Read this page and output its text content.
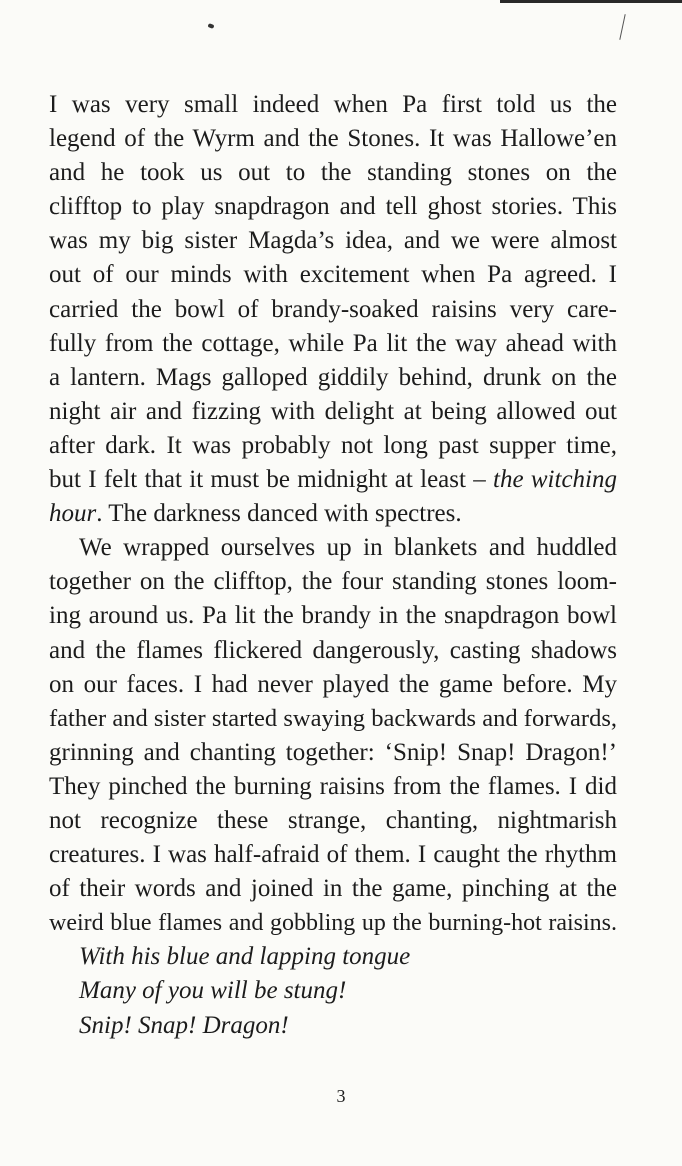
I was very small indeed when Pa first told us the
legend of the Wyrm and the Stones. It was Hallowe’en
and he took us out to the standing stones on the
clifftop to play snapdragon and tell ghost stories. This
was my big sister Magda’s idea, and we were almost
out of our minds with excitement when Pa agreed. I
carried the bowl of brandy-soaked raisins very care-
fully from the cottage, while Pa lit the way ahead with
a lantern. Mags galloped giddily behind, drunk on the
night air and fizzing with delight at being allowed out
after dark. It was probably not long past supper time,
but I felt that it must be midnight at least – the witching
hour. The darkness danced with spectres.
We wrapped ourselves up in blankets and huddled
together on the clifftop, the four standing stones loom-
ing around us. Pa lit the brandy in the snapdragon bowl
and the flames flickered dangerously, casting shadows
on our faces. I had never played the game before. My
father and sister started swaying backwards and forwards,
grinning and chanting together: ‘Snip! Snap! Dragon!’
They pinched the burning raisins from the flames. I did
not recognize these strange, chanting, nightmarish
creatures. I was half-afraid of them. I caught the rhythm
of their words and joined in the game, pinching at the
weird blue flames and gobbling up the burning-hot raisins.
With his blue and lapping tongue
Many of you will be stung!
Snip! Snap! Dragon!
3
